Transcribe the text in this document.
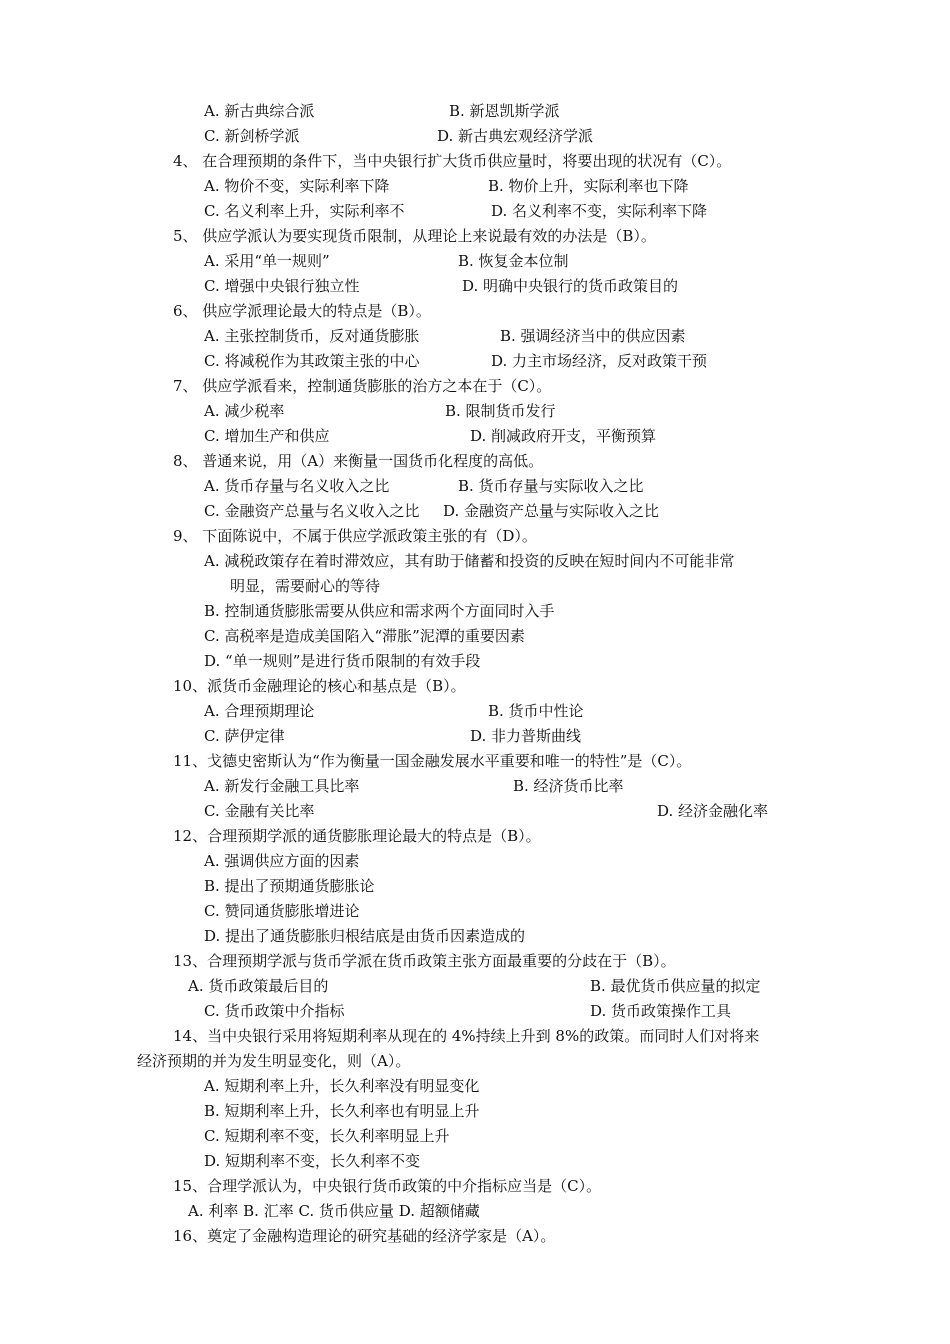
A. 新古典综合派	B. 新恩凯斯学派
C. 新剑桥学派	D. 新古典宏观经济学派
4、 在合理预期的条件下，当中央银行扩大货币供应量时，将要出现的状况有（C）。
A. 物价不变，实际利率下降	B. 物价上升，实际利率也下降
C. 名义利率上升，实际利率不	D. 名义利率不变，实际利率下降
5、 供应学派认为要实现货币限制，从理论上来说最有效的办法是（B）。
A. 采用“单一规则”	B. 恢复金本位制
C. 增强中央银行独立性	D. 明确中央银行的货币政策目的
6、 供应学派理论最大的特点是（B）。
A. 主张控制货币，反对通货膨胀	B. 强调经济当中的供应因素
C. 将减税作为其政策主张的中心	D. 力主市场经济，反对政策干预
7、 供应学派看来，控制通货膨胀的治方之本在于（C）。
A. 减少税率	B. 限制货币发行
C. 增加生产和供应	D. 削减政府开支，平衡预算
8、 普通来说，用（A）来衡量一国货币化程度的高低。
A. 货币存量与名义收入之比	B. 货币存量与实际收入之比
C. 金融资产总量与名义收入之比 D. 金融资产总量与实际收入之比
9、 下面陈说中，不属于供应学派政策主张的有（D）。
A. 减税政策存在着时滞效应，其有助于储蓄和投资的反映在短时间内不可能非常
明显，需要耐心的等待
B. 控制通货膨胀需要从供应和需求两个方面同时入手
C. 高税率是造成美国陷入“滞胀”泥潭的重要因素
D. “单一规则”是进行货币限制的有效手段
10、派货币金融理论的核心和基点是（B）。
A. 合理预期理论	B. 货币中性论
C. 萨伊定律	D. 非力普斯曲线
11、戈德史密斯认为“作为衡量一国金融发展水平重要和唯一的特性”是（C）。
A. 新发行金融工具比率	B. 经济货币比率
C. 金融有关比率	D. 经济金融化率
12、合理预期学派的通货膨胀理论最大的特点是（B）。
A. 强调供应方面的因素
B. 提出了预期通货膨胀论
C. 赞同通货膨胀增进论
D. 提出了通货膨胀归根结底是由货币因素造成的
13、合理预期学派与货币学派在货币政策主张方面最重要的分歧在于（B）。
A. 货币政策最后目的	B. 最优货币供应量的拟定
C. 货币政策中介指标	D. 货币政策操作工具
14、当中央银行采用将短期利率从现在的 4%持续上升到 8%的政策。而同时人们对将来
经济预期的并为发生明显变化，则（A）。
A. 短期利率上升，长久利率没有明显变化
B. 短期利率上升，长久利率也有明显上升
C. 短期利率不变，长久利率明显上升
D. 短期利率不变，长久利率不变
15、合理学派认为，中央银行货币政策的中介指标应当是（C）。
A. 利率 B. 汇率 C. 货币供应量 D. 超额储藏
16、奠定了金融构造理论的研究基础的经济学家是（A）。
